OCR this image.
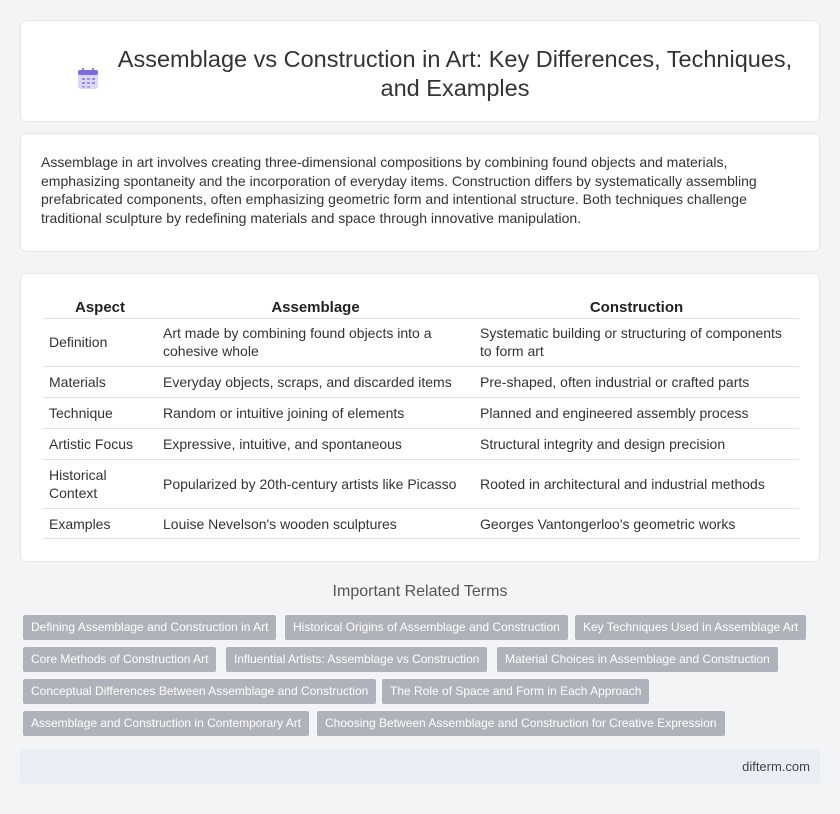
Assemblage vs Construction in Art: Key Differences, Techniques, and Examples

Assemblage in art involves creating three-dimensional compositions by combining found objects and materials, emphasizing spontaneity and the incorporation of everyday items. Construction differs by systematically assembling prefabricated components, often emphasizing geometric form and intentional structure. Both techniques challenge traditional sculpture by redefining materials and space through innovative manipulation.

Aspect	Assemblage	Construction
Definition	Art made by combining found objects into a cohesive whole	Systematic building or structuring of components to form art
Materials	Everyday objects, scraps, and discarded items	Pre-shaped, often industrial or crafted parts
Technique	Random or intuitive joining of elements	Planned and engineered assembly process
Artistic Focus	Expressive, intuitive, and spontaneous	Structural integrity and design precision
Historical Context	Popularized by 20th-century artists like Picasso	Rooted in architectural and industrial methods
Examples	Louise Nevelson's wooden sculptures	Georges Vantongerloo's geometric works
Important Related Terms
Defining Assemblage and Construction in Art	Historical Origins of Assemblage and Construction	Key Techniques Used in Assemblage Art
Core Methods of Construction Art	Influential Artists: Assemblage vs Construction	Material Choices in Assemblage and Construction
Conceptual Differences Between Assemblage and Construction	The Role of Space and Form in Each Approach
Assemblage and Construction in Contemporary Art	Choosing Between Assemblage and Construction for Creative Expression
difterm.com
